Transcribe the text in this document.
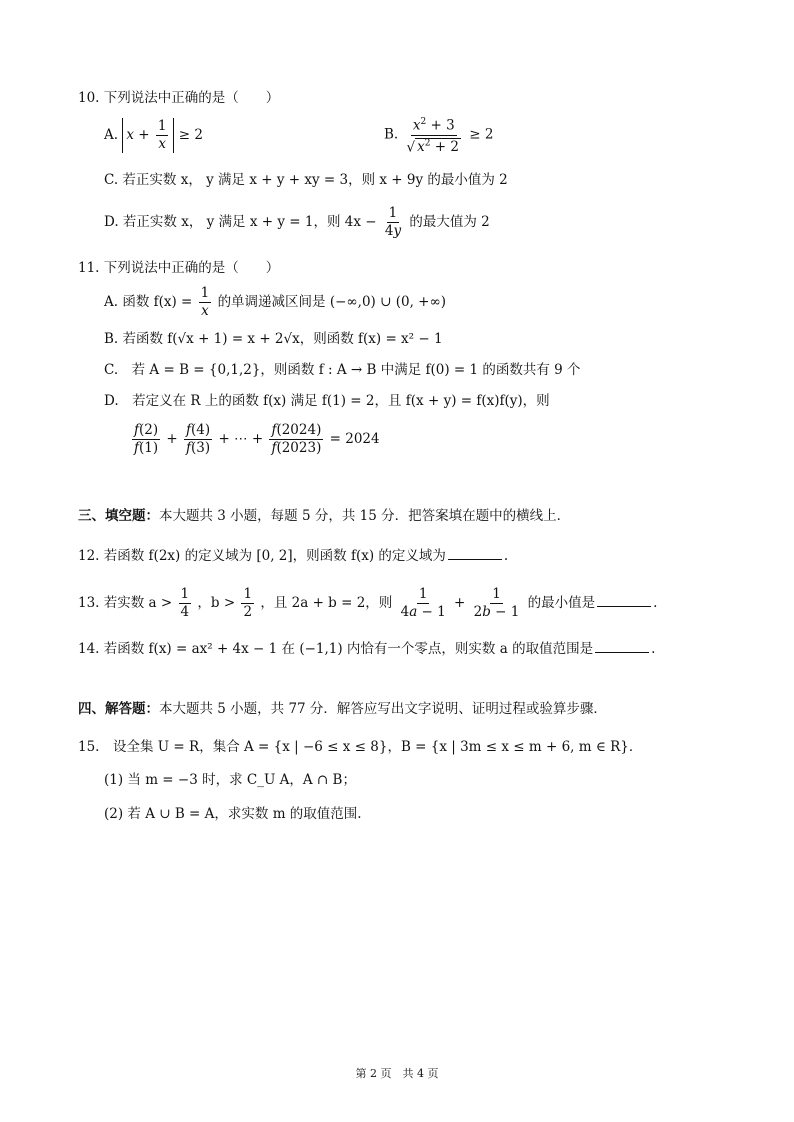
10. 下列说法中正确的是（　　）
A. $x + \frac{1}{x} \ge 2$	B. $\frac{x^2 + 3}{√ x^2 + 2} \ge 2$
C. 若正实数 x， y 满足 x + y + xy = 3，则 x + 9y 的最小值为 2
D. 若正实数 x， y 满足 x + y = 1，则 $4x - \frac{1}{4y}$ 的最大值为 2
11. 下列说法中正确的是（　　）
A. 函数 $f(x) = \frac{1}{x}$ 的单调递减区间是 (−∞,0) ∪ (0, +∞)
B. 若函数 f(√x + 1) = x + 2√x，则函数 f(x) = x² − 1
C.　若 A = B = {0,1,2}，则函数 f : A → B 中满足 f(0) = 1 的函数共有 9 个
D.　若定义在 R 上的函数 f(x) 满足 f(1) = 2，且 f(x + y) = f(x)f(y)，则
$\frac{f(2)}{f(1)} + \frac{f(4)}{f(3)}$ + ⋯ + $\frac{f(2024)}{f(2023)} = 2024$
三、填空题：本大题共 3 小题，每题 5 分，共 15 分．把答案填在题中的横线上．
12. 若函数 f(2x) 的定义域为 [0, 2]，则函数 f(x) 的定义域为	.
13. 若实数 $a > \frac{1}{4}$ ，$b > \frac{1}{2}$ ，且 2a + b = 2，则 $\frac{1}{4a - 1} + \frac{1}{2b - 1}$ 的最小值是	.
14. 若函数 f(x) = ax² + 4x − 1 在 (−1,1) 内恰有一个零点，则实数 a 的取值范围是	.
四、解答题：本大题共 5 小题，共 77 分．解答应写出文字说明、证明过程或验算步骤．
15.　设全集 U = R，集合 A = {x | −6 ≤ x ≤ 8}，B = {x | 3m ≤ x ≤ m + 6, m ∈ R}．
(1) 当 m = −3 时，求 C_U A，A ∩ B；
(2) 若 A ∪ B = A，求实数 m 的取值范围.
第 2 页　共 4 页
